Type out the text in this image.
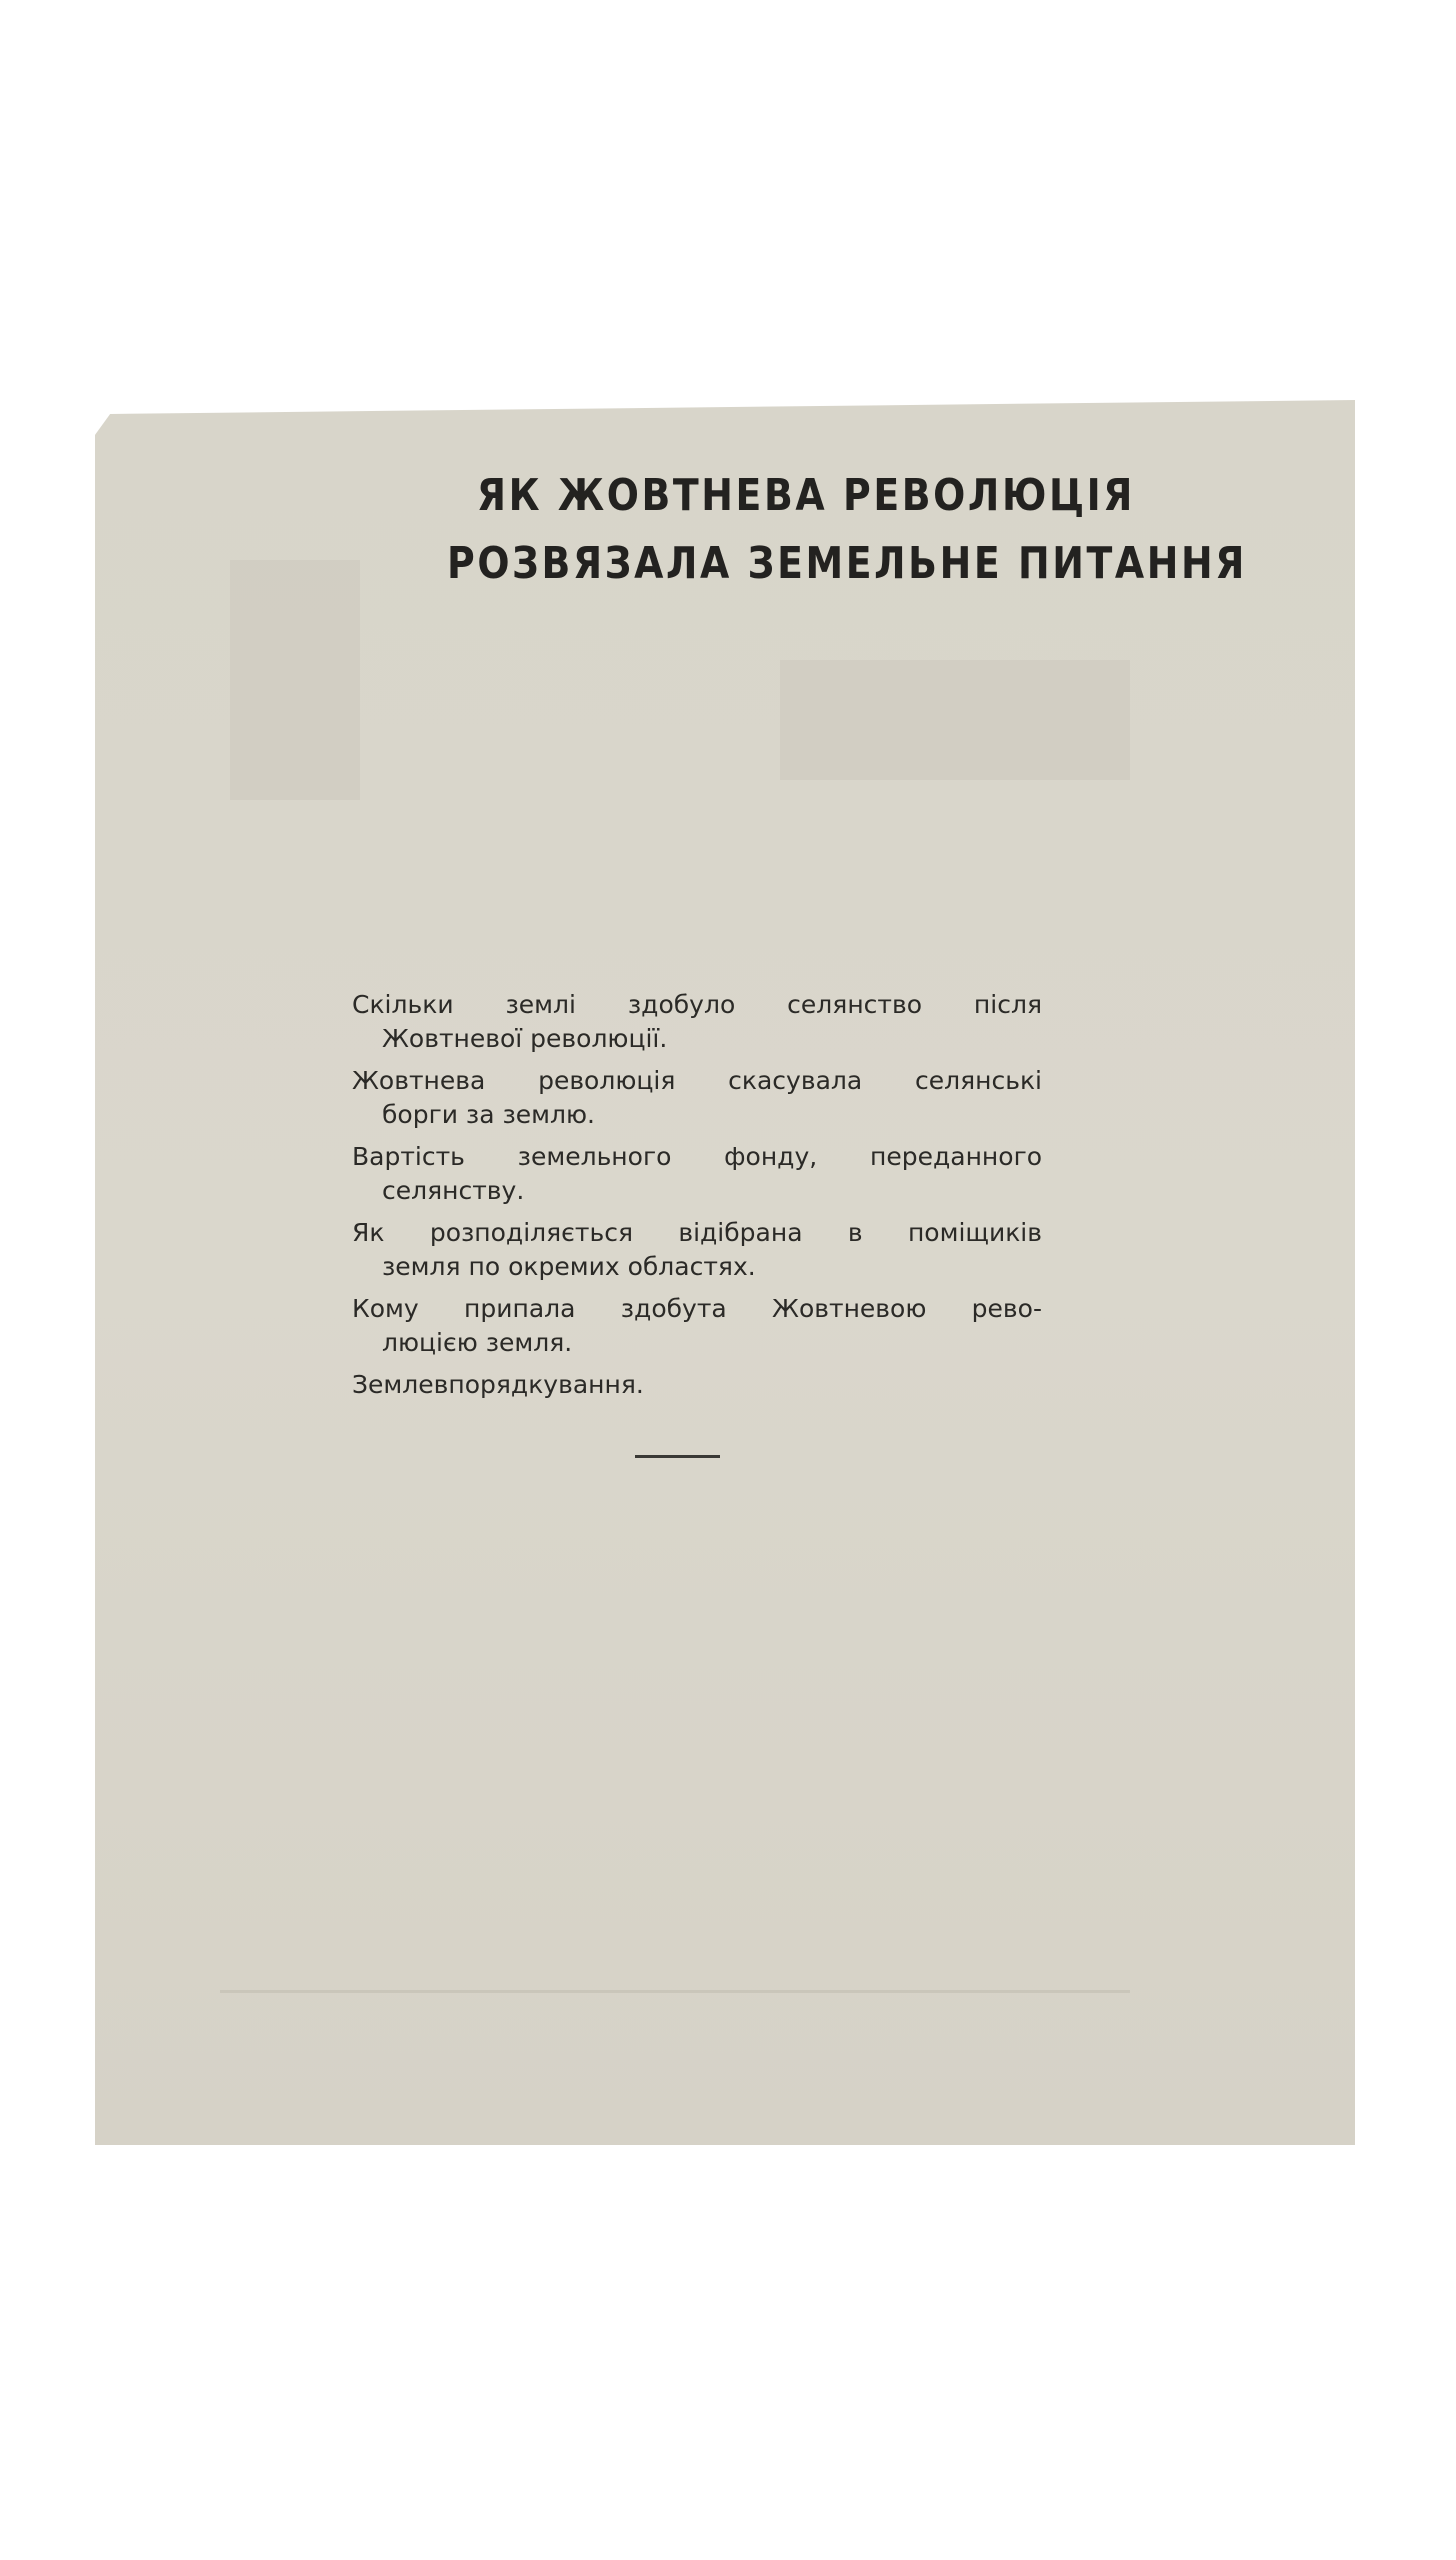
ЯК ЖОВТНЕВА РЕВОЛЮЦІЯ
РОЗВЯЗАЛА ЗЕМЕЛЬНЕ ПИТАННЯ
Скільки землі здобуло селянство після
Жовтневої революції.
Жовтнева революція скасувала селянські
борги за землю.
Вартість земельного фонду, переданного
селянству.
Як розподіляється відібрана в поміщиків
земля по окремих областях.
Кому припала здобута Жовтневою рево-
люцією земля.
Землевпорядкування.
